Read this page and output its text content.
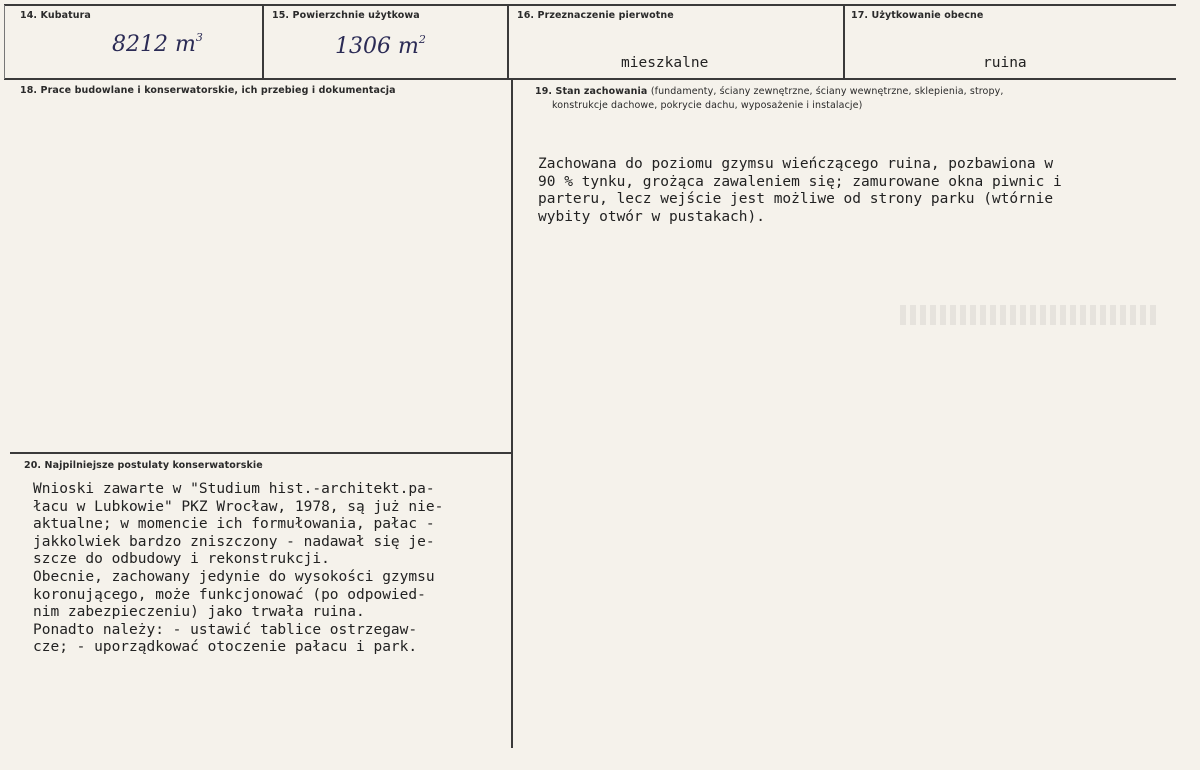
14. Kubatura
8212 $m^3$
15. Powierzchnie użytkowa
1306 $m^2$
16. Przeznaczenie pierwotne
mieszkalne
17. Użytkowanie obecne
ruina
18. Prace budowlane i konserwatorskie, ich przebieg i dokumentacja	19. Stan zachowania (fundamenty, ściany zewnętrzne, ściany wewnętrzne, sklepienia, stropy,
konstrukcje dachowe, pokrycie dachu, wyposażenie i instalacje)
Zachowana do poziomu gzymsu wieńczącego ruina, pozbawiona w
90 % tynku, grożąca zawaleniem się; zamurowane okna piwnic i
parteru, lecz wejście jest możliwe od strony parku (wtórnie
wybity otwór w pustakach).
20. Najpilniejsze postulaty konserwatorskie
Wnioski zawarte w "Studium hist.-architekt.pa-
łacu w Lubkowie" PKZ Wrocław, 1978, są już nie-
aktualne; w momencie ich formułowania, pałac -
jakkolwiek bardzo zniszczony - nadawał się je-
szcze do odbudowy i rekonstrukcji.
Obecnie, zachowany jedynie do wysokości gzymsu
koronującego, może funkcjonować (po odpowied-
nim zabezpieczeniu) jako trwała ruina.
Ponadto należy: - ustawić tablice ostrzegaw-
cze; - uporządkować otoczenie pałacu i park.
